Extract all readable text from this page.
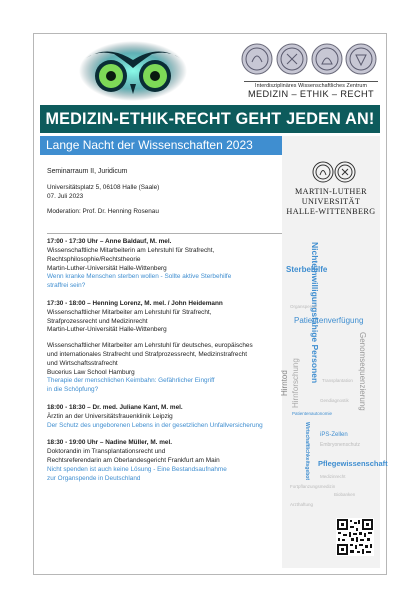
Interdisziplinäres Wissenschaftliches Zentrum
MEDIZIN – ETHIK – RECHT
MEDIZIN-ETHIK-RECHT GEHT JEDEN AN!
Lange Nacht der Wissenschaften 2023

Seminarraum II, Juridicum

Universitätsplatz 5, 06108 Halle (Saale)

07. Juli 2023

Moderation: Prof. Dr. Henning Rosenau

17:00 - 17:30 Uhr – Anne Baldauf, M. mel.

Wissenschaftliche Mitarbeiterin am Lehrstuhl für Strafrecht,

Rechtsphilosophie/Rechtstheorie

Martin-Luther-Universität Halle-Wittenberg

Wenn kranke Menschen sterben wollen - Sollte aktive Sterbehilfe

straffrei sein?

17:30 - 18:00 – Henning Lorenz, M. mel. / John Heidemann

Wissenschaftlicher Mitarbeiter am Lehrstuhl für Strafrecht,

Strafprozessrecht und Medizinrecht

Martin-Luther-Universität Halle-Wittenberg

Wissenschaftlicher Mitarbeiter am Lehrstuhl für deutsches, europäisches

und internationales Strafrecht und Strafprozessrecht, Medizinstrafrecht

und Wirtschaftsstrafrecht

Bucerius Law School Hamburg

Therapie der menschlichen Keimbahn: Gefährlicher Eingriff

in die Schöpfung?

18:00 - 18:30 – Dr. med. Juliane Kant, M. mel.

Ärztin an der Universitätsfrauenklinik Leipzig

Der Schutz des ungeborenen Lebens in der gesetzlichen Unfallversicherung

18:30 - 19:00 Uhr – Nadine Müller, M. mel.

Doktorandin im Transplantationsrecht und

Rechtsreferendarin am Oberlandesgericht Frankfurt am Main

Nicht spenden ist auch keine Lösung - Eine Bestandsaufnahme

zur Organspende in Deutschland

MARTIN-LUTHER
UNIVERSITÄT
HALLE-WITTENBERG
Sterbehilfe
Nichteinwilligungsfähige Personen
Patientenverfügung
Hirntod Hirnforschung	Genomsequenzierung
Patientenautonomie
Wirtschaftlichkeitsgebot iPS-Zellen
Pflegewissenschaft
Embryonenschutz
Organspende
Transplantation
Gendiagnostik
Medizinrecht
Fortpflanzungsmedizin
Biobanken
Arzthaftung
